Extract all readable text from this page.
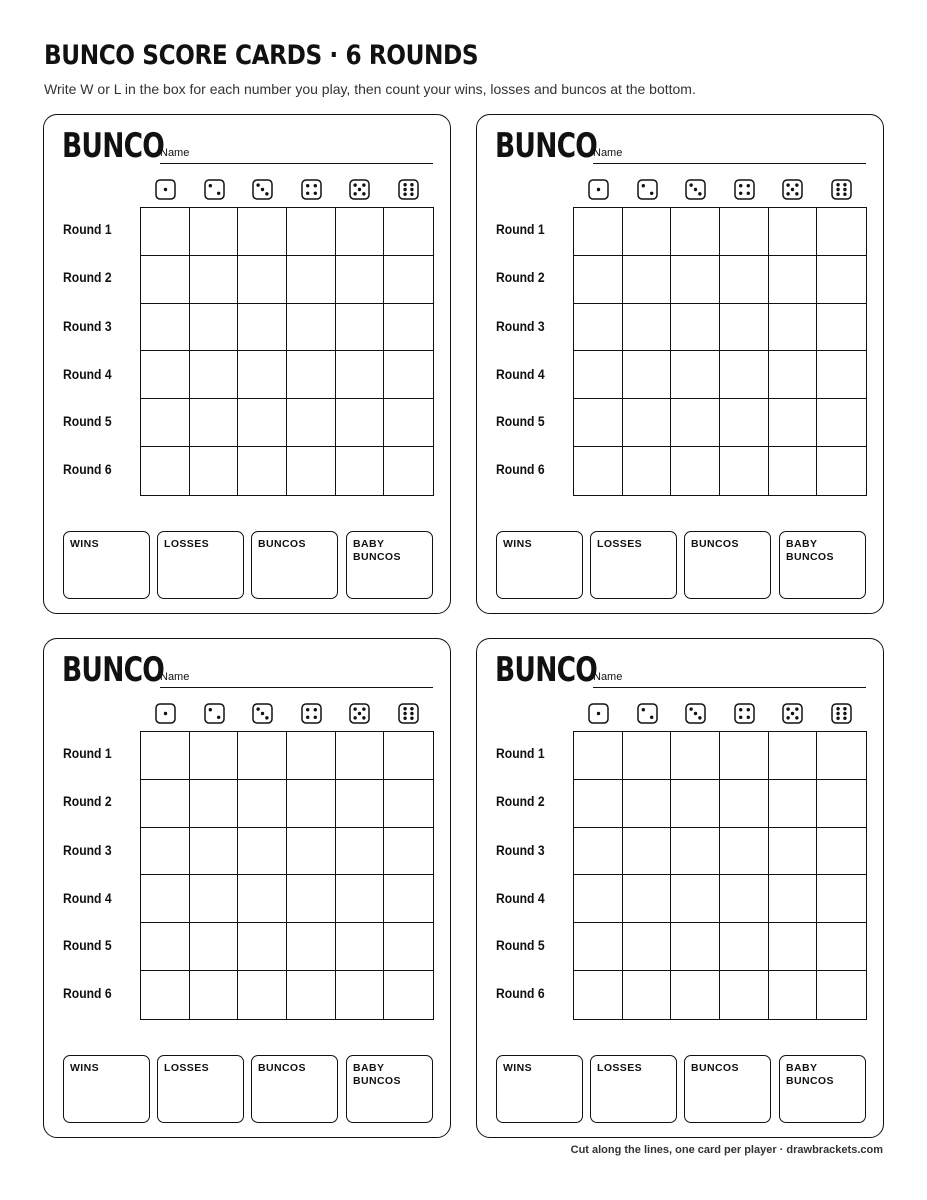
BUNCO SCORE CARDS · 6 ROUNDS
Write W or L in the box for each number you play, then count your wins, losses and buncos at the bottom.
BUNCO
Name
Round 1
Round 2
Round 3
Round 4
Round 5
Round 6
WINS	LOSSES	BUNCOS	BABY BUNCOS
BUNCO
Name
Round 1
Round 2
Round 3
Round 4
Round 5
Round 6
WINS	LOSSES	BUNCOS	BABY BUNCOS
BUNCO
Name
Round 1
Round 2
Round 3
Round 4
Round 5
Round 6
WINS	LOSSES	BUNCOS	BABY BUNCOS
BUNCO
Name
Round 1
Round 2
Round 3
Round 4
Round 5
Round 6
WINS	LOSSES	BUNCOS	BABY BUNCOS
Cut along the lines, one card per player · drawbrackets.com
